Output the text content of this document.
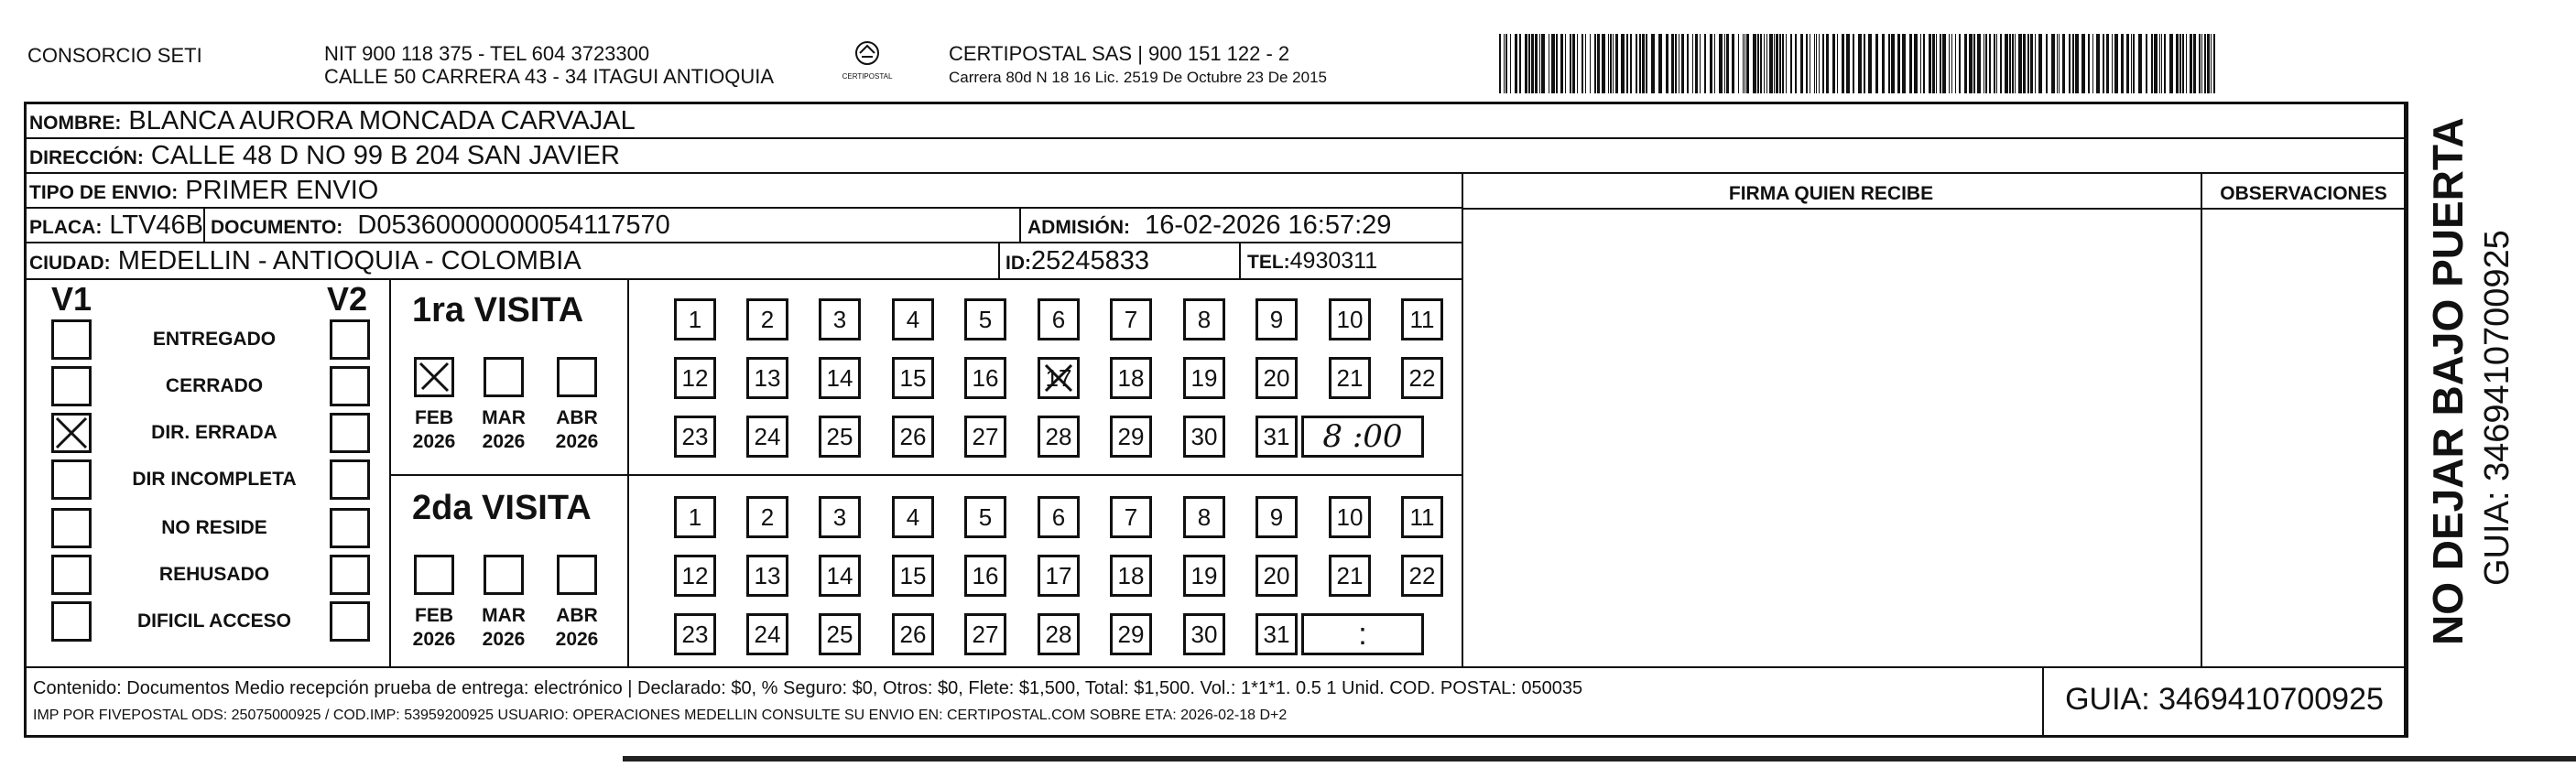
CONSORCIO SETI	NIT 900 118 375 - TEL 604 3723300
CALLE 50 CARRERA 43 - 34 ITAGUI ANTIOQUIA	CERTIPOSTAL
CERTIPOSTAL SAS | 900 151 122 - 2
Carrera 80d N 18 16 Lic. 2519 De Octubre 23 De 2015
NOMBRE: BLANCA AURORA MONCADA CARVAJAL
DIRECCIÓN: CALLE 48 D NO 99 B 204 SAN JAVIER
TIPO DE ENVIO: PRIMER ENVIO
PLACA: LTV46B DOCUMENTO: D05360000000054117570	ADMISIÓN: 16-02-2026 16:57:29
CIUDAD: MEDELLIN - ANTIOQUIA - COLOMBIA	ID:25245833	TEL:4930311
FIRMA QUIEN RECIBE	OBSERVACIONES
V1	V2
ENTREGADO
CERRADO
DIR. ERRADA
DIR INCOMPLETA
NO RESIDE
REHUSADO
DIFICIL ACCESO
1ra VISITA
FEB
2026
MAR
2026
ABR
2026
1	2	3	4	5	6	7	8	9	10	11
12	13	14	15	16	17	18	19	20	21	22
23	24	25	26	27	28	29	30	31	8 :00
2da VISITA
FEB
2026
MAR
2026
ABR
2026
1	2	3	4	5	6	7	8	9	10	11
12	13	14	15	16	17	18	19	20	21	22
23	24	25	26	27	28	29	30	31	:
Contenido: Documentos Medio recepción prueba de entrega: electrónico | Declarado: $0, % Seguro: $0, Otros: $0, Flete: $1,500, Total: $1,500. Vol.: 1*1*1. 0.5 1 Unid. COD. POSTAL: 050035
IMP POR FIVEPOSTAL ODS: 25075000925 / COD.IMP: 53959200925 USUARIO: OPERACIONES MEDELLIN CONSULTE SU ENVIO EN: CERTIPOSTAL.COM SOBRE ETA: 2026-02-18 D+2	GUIA: 3469410700925
NO DEJAR BAJO PUERTA GUIA: 3469410700925
